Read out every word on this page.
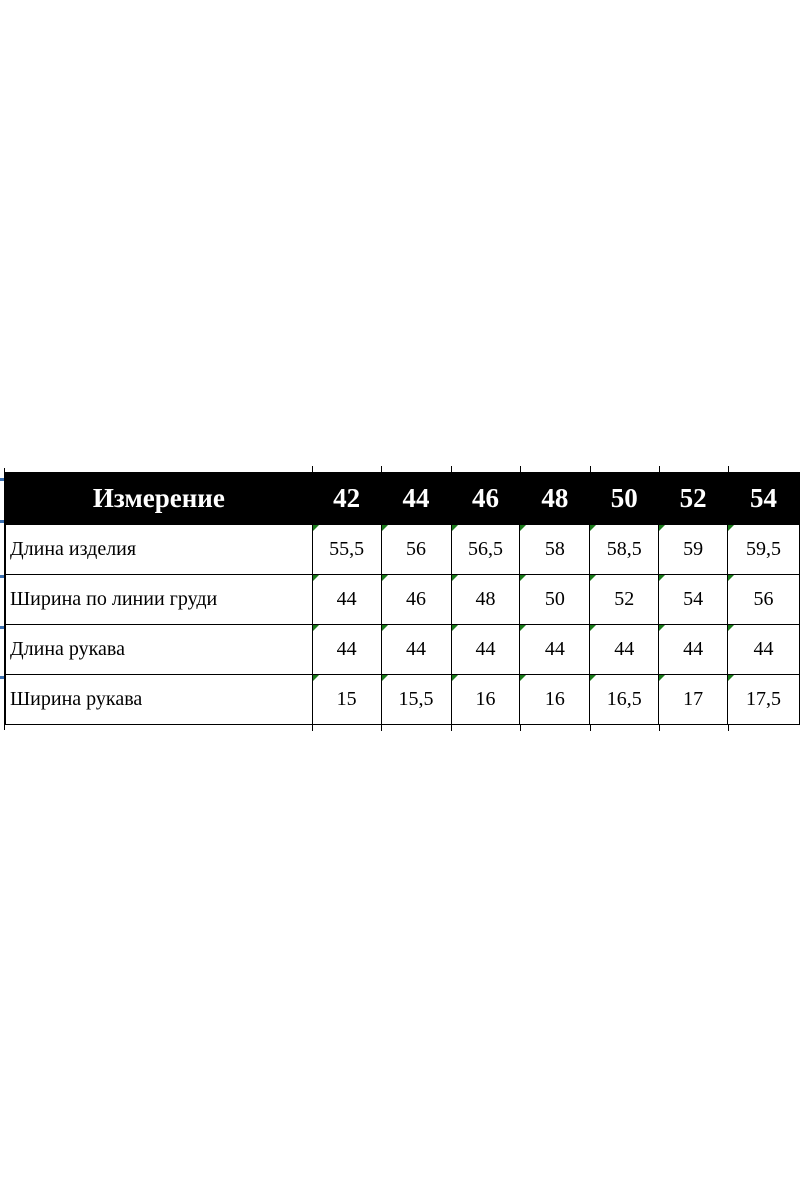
Измерение	42	44	46	48	50	52	54
Длина изделия	55,5	56	56,5	58	58,5	59	59,5
Ширина по линии груди	44	46	48	50	52	54	56
Длина рукава	44	44	44	44	44	44	44
Ширина рукава	15	15,5	16	16	16,5	17	17,5
